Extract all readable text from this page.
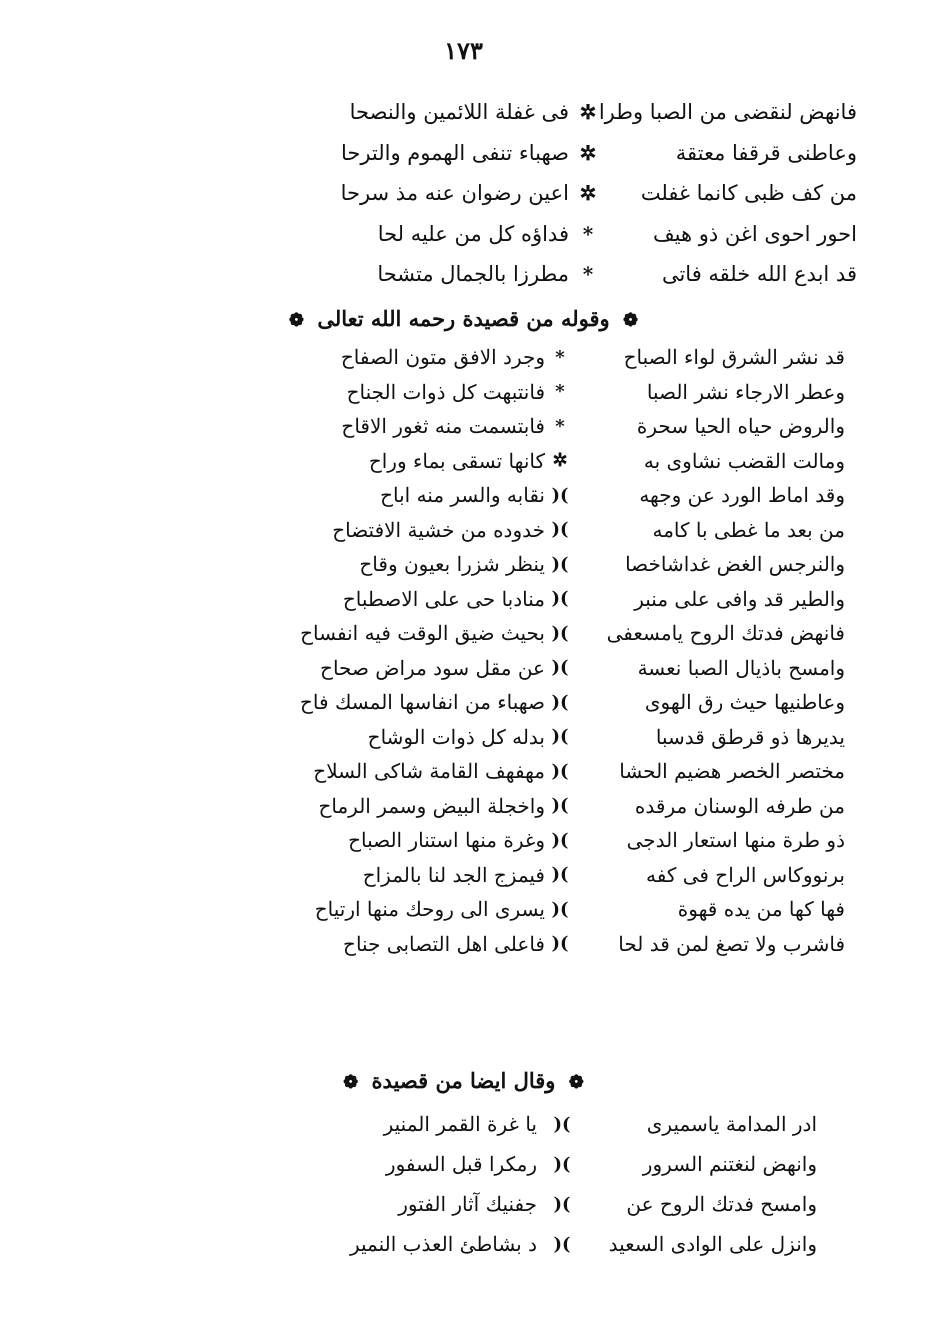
١٧٣
فانهض لنقضى من الصبا وطرا
✲
فى غفلة اللائمين والنصحا
وعاطنى قرقفا معتقة
✲
صهباء تنفى الهموم والترحا
من كف ظبى كانما غفلت
✲
اعين رضوان عنه مذ سرحا
احور احوى اغن ذو هيف
*
فداؤه كل من عليه لحا
قد ابدع الله خلقه فاتى
*
مطرزا بالجمال متشحا
❁ وقوله من قصيدة رحمه الله تعالى ❁
قد نشر الشرق لواء الصباح
*
وجرد الافق متون الصفاح
وعطر الارجاء نشر الصبا
*
فانتبهت كل ذوات الجناح
والروض حياه الحيا سحرة
*
فابتسمت منه ثغور الاقاح
ومالت القضب نشاوى به
✲
كانها تسقى بماء وراح
وقد اماط الورد عن وجهه
)(
نقابه والسر منه اباح
من بعد ما غطى با كامه
)(
خدوده من خشية الافتضاح
والنرجس الغض غداشاخصا
)(
ينظر شزرا بعيون وقاح
والطير قد وافى على منبر
)(
منادبا حى على الاصطباح
فانهض فدتك الروح يامسعفى
)(
بحيث ضيق الوقت فيه انفساح
وامسح باذيال الصبا نعسة
)(
عن مقل سود مراض صحاح
وعاطنيها حيث رق الهوى
)(
صهباء من انفاسها المسك فاح
يديرها ذو قرطق قدسبا
)(
بدله كل ذوات الوشاح
مختصر الخصر هضيم الحشا
)(
مهفهف القامة شاكى السلاح
من طرفه الوسنان مرقده
)(
واخجلة البيض وسمر الرماح
ذو طرة منها استعار الدجى
)(
وغرة منها استنار الصباح
برنووكاس الراح فى كفه
)(
فيمزج الجد لنا بالمزاح
فها كها من يده قهوة
)(
يسرى الى روحك منها ارتياح
فاشرب ولا تصغ لمن قد لحا
)(
فاعلى اهل التصابى جناح
❁ وقال ايضا من قصيدة ❁
ادر المدامة ياسميرى
)(
يا غرة القمر المنير
وانهض لنغتنم السرور
)(
رمكرا قبل السفور
وامسح فدتك الروح عن
)(
جفنيك آثار الفتور
وانزل على الوادى السعيد
)(
د بشاطئ العذب النمير
